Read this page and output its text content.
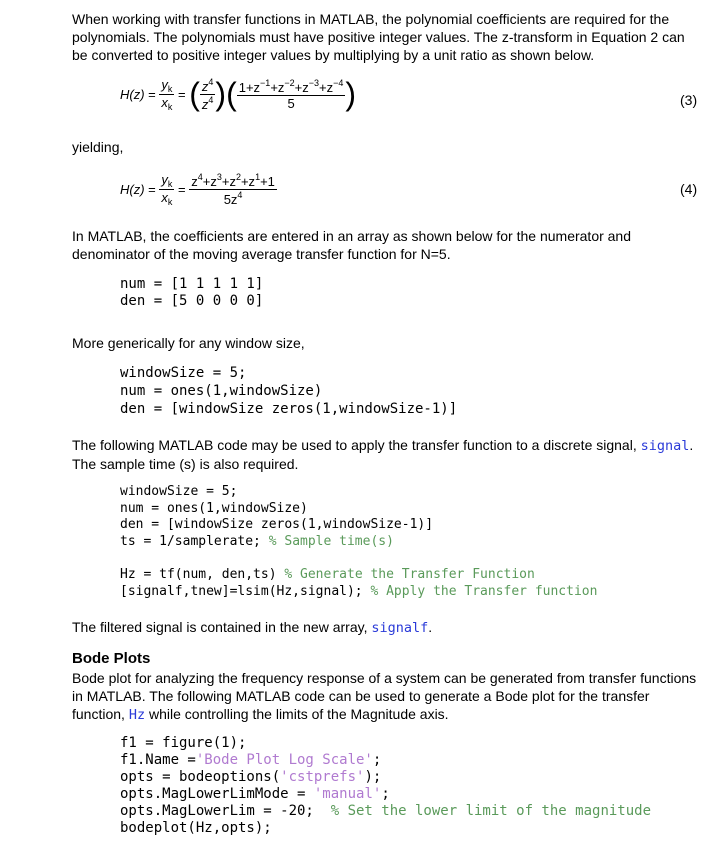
When working with transfer functions in MATLAB, the polynomial coefficients are required for the polynomials. The polynomials must have positive integer values. The z-transform in Equation 2 can be converted to positive integer values by multiplying by a unit ratio as shown below.
$H(z) = \frac{y_k}{x_k}$ = ( $\frac{z^4}{z^4}$ )( $\frac{1+z^{-1}+z^{-2}+z^{-3}+z^{-4}}{5}$ )	(3)
yielding,
$H(z) = \frac{y_k}{x_k} = \frac{z^4+z^3+z^2+z^1+1}{5z^4}$	(4)
In MATLAB, the coefficients are entered in an array as shown below for the numerator and denominator of the moving average transfer function for N=5.
num = [1 1 1 1 1]
den = [5 0 0 0 0]
More generically for any window size,
windowSize = 5;
num = ones(1,windowSize)
den = [windowSize zeros(1,windowSize-1)]
The following MATLAB code may be used to apply the transfer function to a discrete signal, signal.
The sample time (s) is also required.
windowSize = 5;
num = ones(1,windowSize)
den = [windowSize zeros(1,windowSize-1)]
ts = 1/samplerate; % Sample time(s)
Hz = tf(num, den,ts) % Generate the Transfer Function
[signalf,tnew]=lsim(Hz,signal); % Apply the Transfer function
The filtered signal is contained in the new array, signalf.
Bode Plots
Bode plot for analyzing the frequency response of a system can be generated from transfer functions in MATLAB. The following MATLAB code can be used to generate a Bode plot for the transfer function, Hz while controlling the limits of the Magnitude axis.
f1 = figure(1);
f1.Name ='Bode Plot Log Scale';
opts = bodeoptions('cstprefs');
opts.MagLowerLimMode = 'manual';
opts.MagLowerLim = -20;  % Set the lower limit of the magnitude
bodeplot(Hz,opts);
